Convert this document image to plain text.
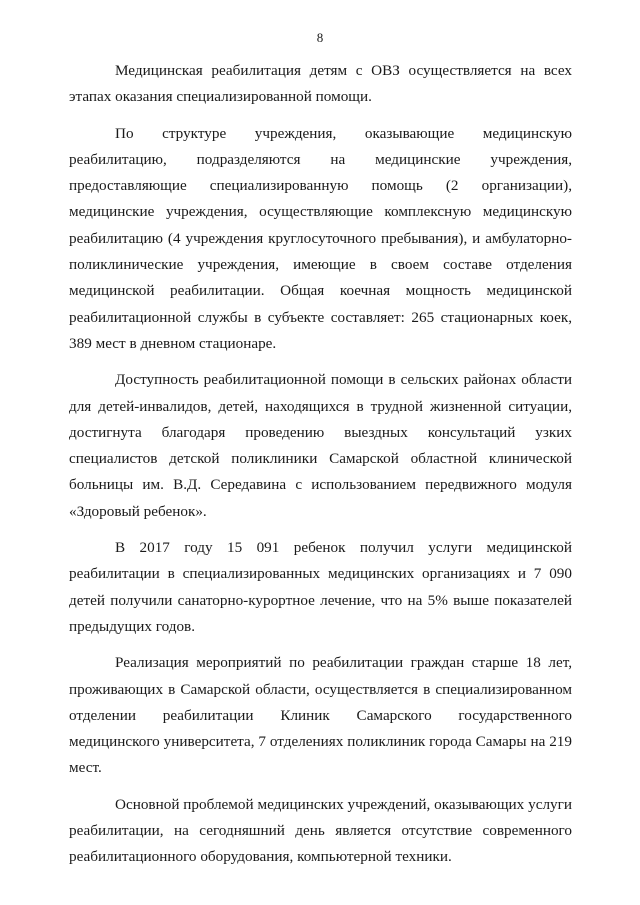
8

Медицинская реабилитация детям с ОВЗ осуществляется на всех этапах оказания специализированной помощи.

По структуре учреждения, оказывающие медицинскую реабилитацию, подразделяются на медицинские учреждения, предоставляющие специализированную помощь (2 организации), медицинские учреждения, осуществляющие комплексную медицинскую реабилитацию (4 учреждения круглосуточного пребывания), и амбулаторно-поликлинические учреждения, имеющие в своем составе отделения медицинской реабилитации. Общая коечная мощность медицинской реабилитационной службы в субъекте составляет: 265 стационарных коек, 389 мест в дневном стационаре.

Доступность реабилитационной помощи в сельских районах области для детей-инвалидов, детей, находящихся в трудной жизненной ситуации, достигнута благодаря проведению выездных консультаций узких специалистов детской поликлиники Самарской областной клинической больницы им. В.Д. Середавина с использованием передвижного модуля «Здоровый ребенок».

В 2017 году 15 091 ребенок получил услуги медицинской реабилитации в специализированных медицинских организациях и 7 090 детей получили санаторно-курортное лечение, что на 5% выше показателей предыдущих годов.

Реализация мероприятий по реабилитации граждан старше 18 лет, проживающих в Самарской области, осуществляется в специализированном отделении реабилитации Клиник Самарского государственного медицинского университета, 7 отделениях поликлиник города Самары на 219 мест.

Основной проблемой медицинских учреждений, оказывающих услуги реабилитации, на сегодняшний день является отсутствие современного реабилитационного оборудования, компьютерной техники.
